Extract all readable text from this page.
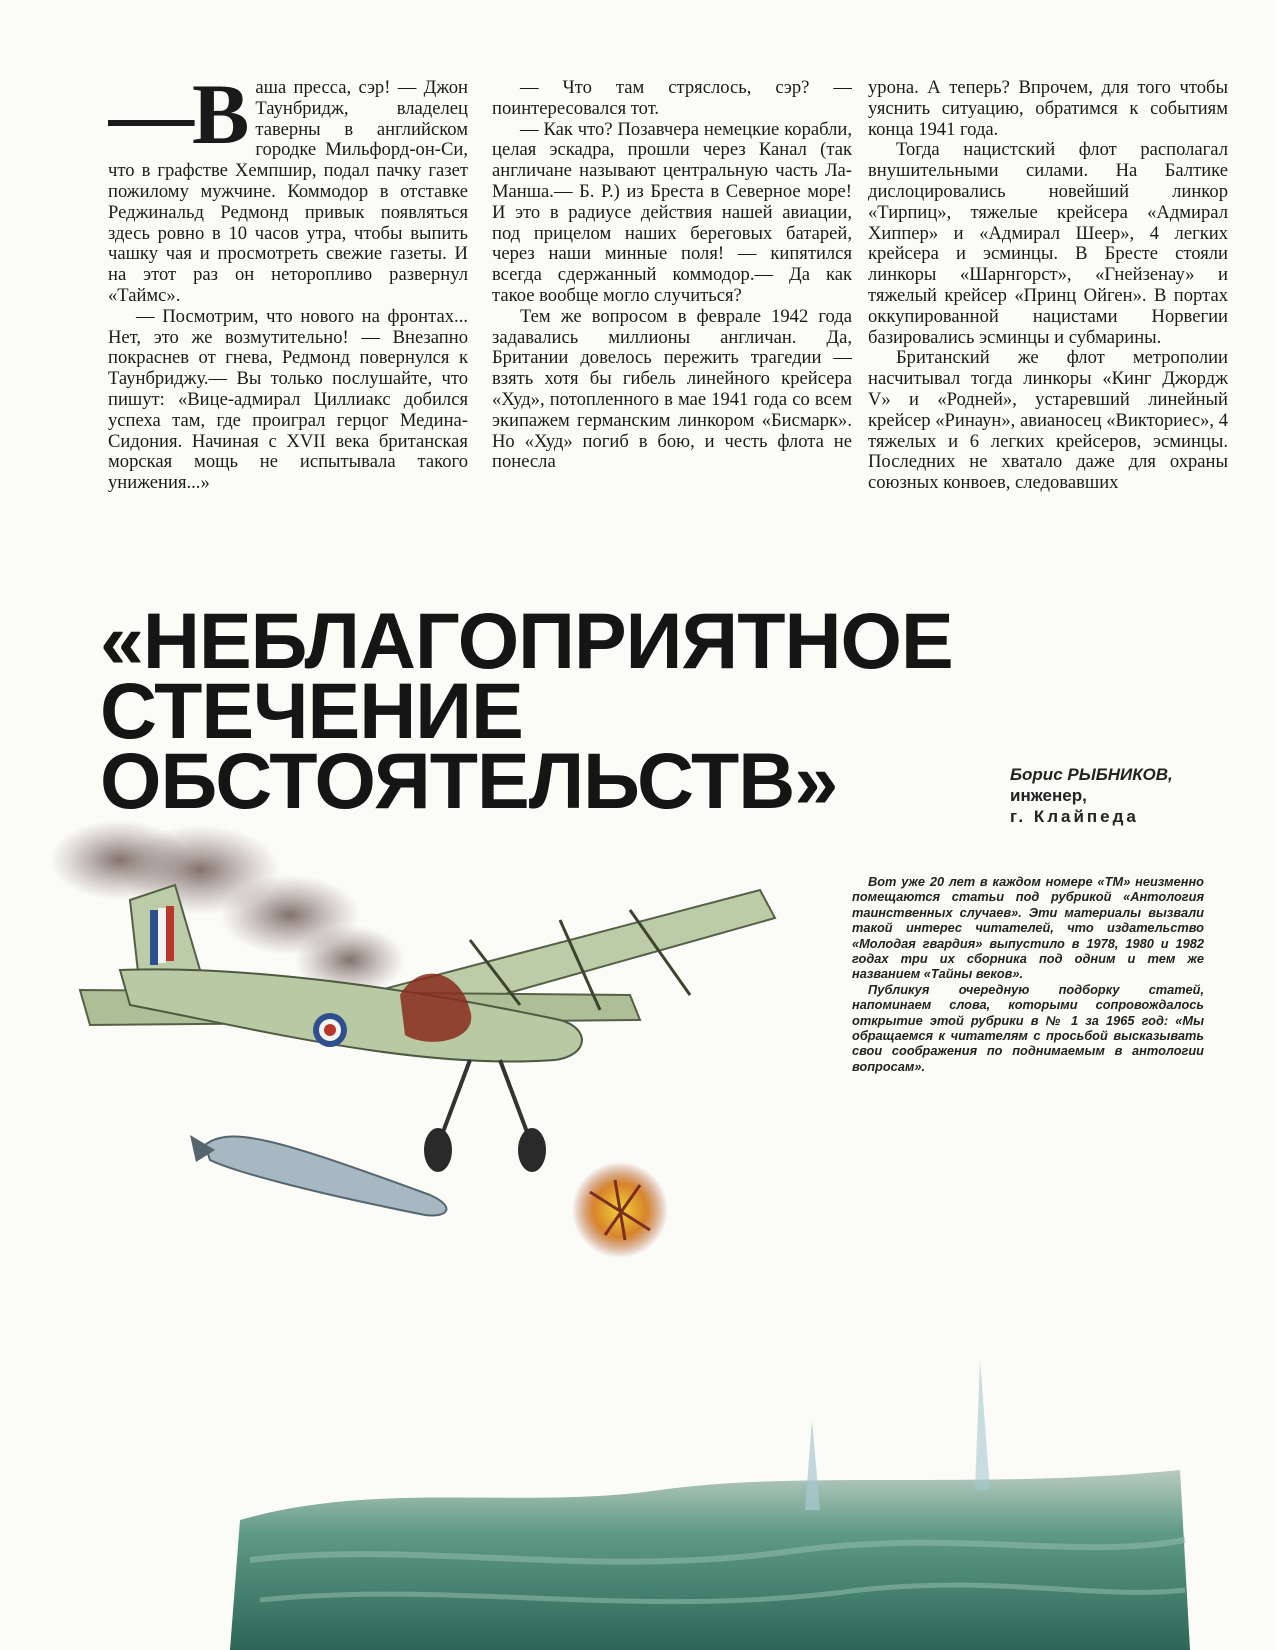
—В аша пресса, сэр! — Джон Таунбридж, владелец таверны в английском городке Мильфорд-он-Си, что в графстве Хемпшир, подал пачку газет пожилому мужчине. Коммодор в отставке Реджинальд Редмонд привык появляться здесь ровно в 10 часов утра, чтобы выпить чашку чая и просмотреть свежие газеты. И на этот раз он неторопливо развернул «Таймс».

— Посмотрим, что нового на фронтах... Нет, это же возмутительно! — Внезапно покраснев от гнева, Редмонд повернулся к Таунбриджу.— Вы только послушайте, что пишут: «Вице-адмирал Циллиакс добился успеха там, где проиграл герцог Медина-Сидония. Начиная с XVII века британская морская мощь не испытывала такого унижения...»

— Что там стряслось, сэр? — поинтересовался тот.

— Как что? Позавчера немецкие корабли, целая эскадра, прошли через Канал (так англичане называют центральную часть Ла-Манша.— Б. Р.) из Бреста в Северное море! И это в радиусе действия нашей авиации, под прицелом наших береговых батарей, через наши минные поля! — кипятился всегда сдержанный коммодор.— Да как такое вообще могло случиться?

Тем же вопросом в феврале 1942 года задавались миллионы англичан. Да, Британии довелось пережить трагедии — взять хотя бы гибель линейного крейсера «Худ», потопленного в мае 1941 года со всем экипажем германским линкором «Бисмарк». Но «Худ» погиб в бою, и честь флота не понесла

урона. А теперь? Впрочем, для того чтобы уяснить ситуацию, обратимся к событиям конца 1941 года.

Тогда нацистский флот располагал внушительными силами. На Балтике дислоцировались новейший линкор «Тирпиц», тяжелые крейсера «Адмирал Хиппер» и «Адмирал Шеер», 4 легких крейсера и эсминцы. В Бресте стояли линкоры «Шарнгорст», «Гнейзенау» и тяжелый крейсер «Принц Ойген». В портах оккупированной нацистами Норвегии базировались эсминцы и субмарины.

Британский же флот метрополии насчитывал тогда линкоры «Кинг Джордж V» и «Родней», устаревший линейный крейсер «Ринаун», авианосец «Викториес», 4 тяжелых и 6 легких крейсеров, эсминцы. Последних не хватало даже для охраны союзных конвоев, следовавших

«НЕБЛАГОПРИЯТНОЕ
СТЕЧЕНИЕ
ОБСТОЯТЕЛЬСТВ»	Борис РЫБНИКОВ,
инженер,
г. Клайпеда

Вот уже 20 лет в каждом номере «ТМ» неизменно помещаются статьи под рубрикой «Антология таинственных случаев». Эти материалы вызвали такой интерес читателей, что издательство «Молодая гвардия» выпустило в 1978, 1980 и 1982 годах три их сборника под одним и тем же названием «Тайны веков».

Публикуя очередную подборку статей, напоминаем слова, которыми сопровождалось открытие этой рубрики в № 1 за 1965 год: «Мы обращаемся к читателям с просьбой высказывать свои соображения по поднимаемым в антологии вопросам».
